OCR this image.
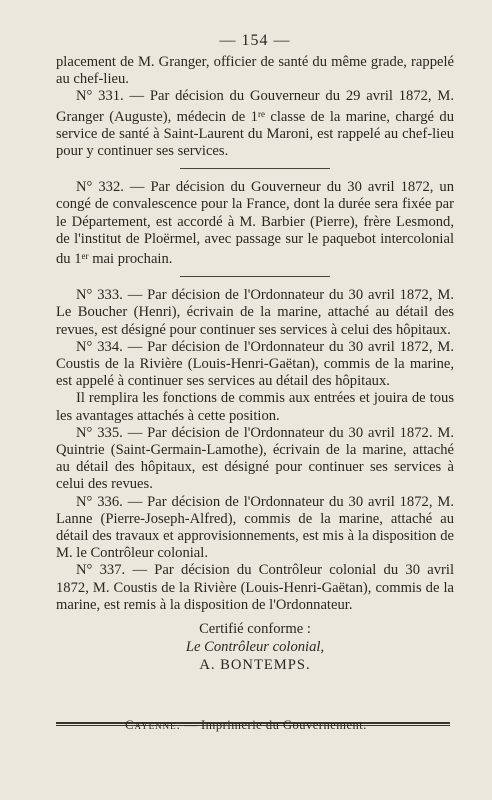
— 154 —

placement de M. Granger, officier de santé du même grade, rappelé au chef-lieu.

N° 331. — Par décision du Gouverneur du 29 avril 1872, M. Granger (Auguste), médecin de 1re classe de la marine, chargé du service de santé à Saint-Laurent du Maroni, est rappelé au chef-lieu pour y continuer ses services.

N° 332. — Par décision du Gouverneur du 30 avril 1872, un congé de convalescence pour la France, dont la durée sera fixée par le Département, est accordé à M. Barbier (Pierre), frère Lesmond, de l'institut de Ploërmel, avec passage sur le paquebot intercolonial du 1er mai prochain.

N° 333. — Par décision de l'Ordonnateur du 30 avril 1872, M. Le Boucher (Henri), écrivain de la marine, attaché au détail des revues, est désigné pour continuer ses services à celui des hôpitaux.

N° 334. — Par décision de l'Ordonnateur du 30 avril 1872, M. Coustis de la Rivière (Louis-Henri-Gaëtan), commis de la marine, est appelé à continuer ses services au détail des hôpitaux.

Il remplira les fonctions de commis aux entrées et jouira de tous les avantages attachés à cette position.

N° 335. — Par décision de l'Ordonnateur du 30 avril 1872. M. Quintrie (Saint-Germain-Lamothe), écrivain de la marine, attaché au détail des hôpitaux, est désigné pour continuer ses services à celui des revues.

N° 336. — Par décision de l'Ordonnateur du 30 avril 1872, M. Lanne (Pierre-Joseph-Alfred), commis de la marine, attaché au détail des travaux et approvisionnements, est mis à la disposition de M. le Contrôleur colonial.

N° 337. — Par décision du Contrôleur colonial du 30 avril 1872, M. Coustis de la Rivière (Louis-Henri-Gaëtan), commis de la marine, est remis à la disposition de l'Ordonnateur.

Certifié conforme :
Le Contrôleur colonial,
A. BONTEMPS.
Cayenne. — Imprimerie du Gouvernement.
